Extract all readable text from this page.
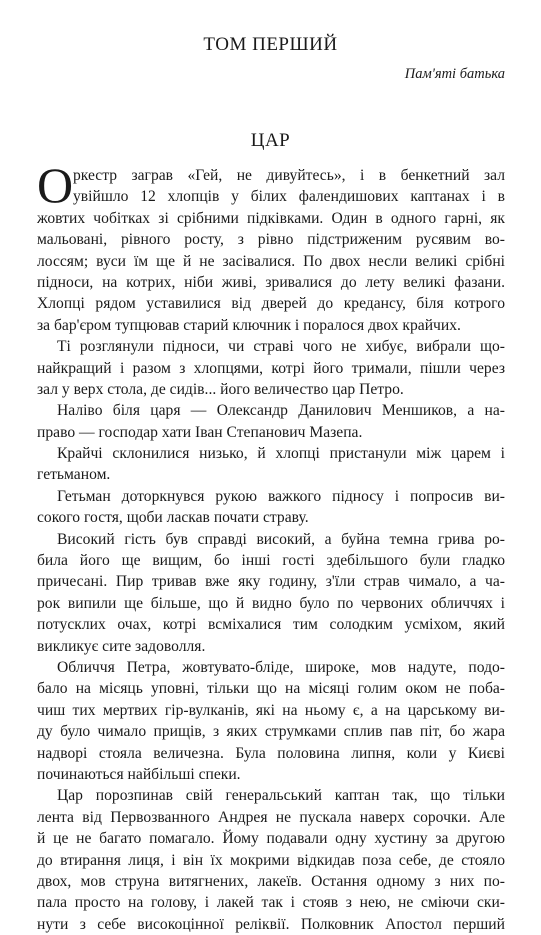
ТОМ ПЕРШИЙ
Пам'яті батька
ЦАР
О ркестр заграв «Гей, не дивуйтесь», і в бенкетний зал
увійшло 12 хлопців у білих фалендишових каптанах і в
жовтих чобітках зі срібними підківками. Один в одного гарні, як
мальовані, рівного росту, з рівно підстриженим русявим во-
лоссям; вуси їм ще й не засівалися. По двох несли великі срібні
підноси, на котрих, ніби живі, зривалися до лету великі фазани.
Хлопці рядом уставилися від дверей до кредансу, біля котрого
за бар'єром тупцював старий ключник і поралося двох крайчих.
Ті розглянули підноси, чи страві чого не хибує, вибрали що-
найкращий і разом з хлопцями, котрі його тримали, пішли через
зал у верх стола, де сидів... його величество цар Петро.
Наліво біля царя — Олександр Данилович Меншиков, а на-
право — господар хати Іван Степанович Мазепа.
Крайчі склонилися низько, й хлопці пристанули між царем і
гетьманом.
Гетьман доторкнувся рукою важкого підносу і попросив ви-
сокого гостя, щоби ласкав почати страву.
Високий гість був справді високий, а буйна темна грива ро-
била його ще вищим, бо інші гості здебільшого були гладко
причесані. Пир тривав вже яку годину, з'їли страв чимало, а ча-
рок випили ще більше, що й видно було по червоних обличчях і
потусклих очах, котрі всміхалися тим солодким усміхом, який
викликує сите задоволля.
Обличчя Петра, жовтувато-бліде, широке, мов надуте, подо-
бало на місяць уповні, тільки що на місяці голим оком не поба-
чиш тих мертвих гір-вулканів, які на ньому є, а на царському ви-
ду було чимало прищів, з яких струмками сплив пав піт, бо жара
надворі стояла величезна. Була половина липня, коли у Києві
починаються найбільші спеки.
Цар порозпинав свій генеральський каптан так, що тільки
лента від Первозванного Андрея не пускала наверх сорочки. Але
й це не багато помагало. Йому подавали одну хустину за другою
до втирання лиця, і він їх мокрими відкидав поза себе, де стояло
двох, мов струна витягнених, лакеїв. Остання одному з них по-
пала просто на голову, і лакей так і стояв з нею, не сміючи ски-
нути з себе високоцінної реліквії. Полковник Апостол перший
